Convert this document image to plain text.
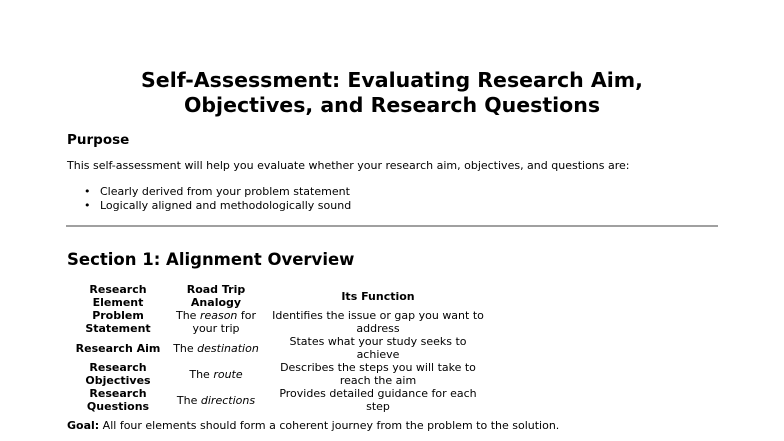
Self-Assessment: Evaluating Research Aim,
Objectives, and Research Questions
Purpose
This self-assessment will help you evaluate whether your research aim, objectives, and questions are:
• Clearly derived from your problem statement
• Logically aligned and methodologically sound
Section 1: Alignment Overview
Research Element	Road Trip Analogy	Its Function
Problem Statement	The reason for your trip	Identifies the issue or gap you want to address
Research Aim	The destination	States what your study seeks to achieve
Research Objectives	The route	Describes the steps you will take to reach the aim
Research Questions	The directions	Provides detailed guidance for each step
Goal: All four elements should form a coherent journey from the problem to the solution.
